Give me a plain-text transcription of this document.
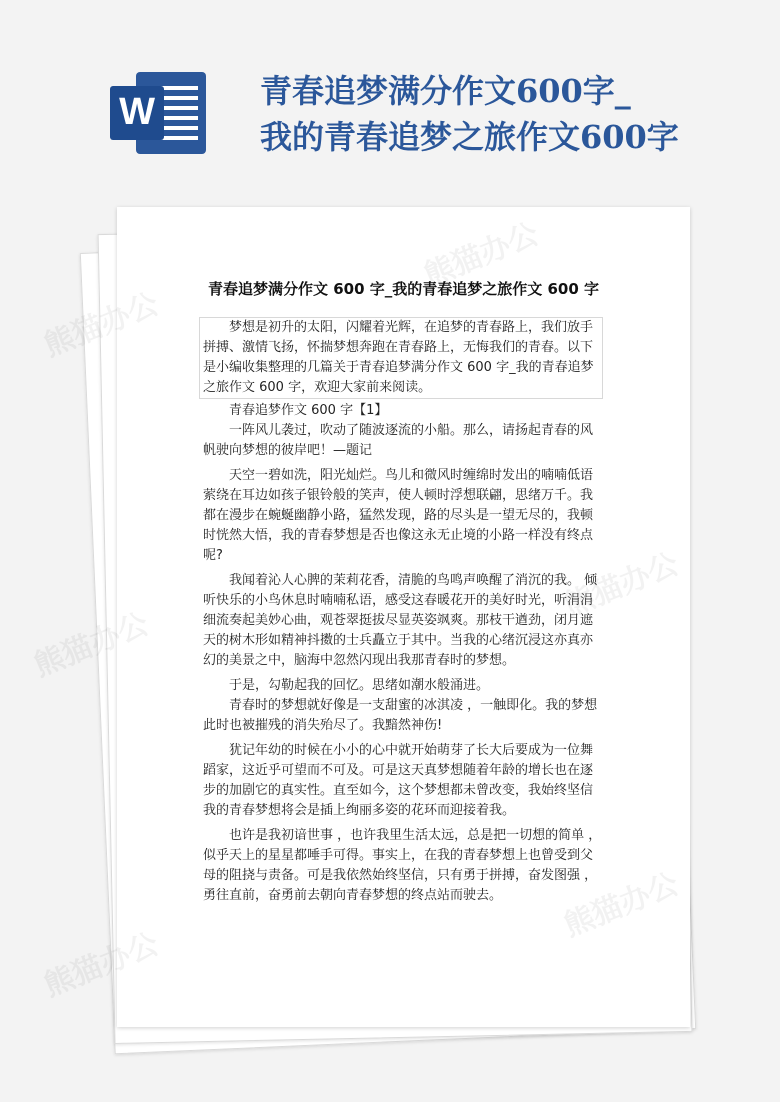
W	青春追梦满分作文600字_
我的青春追梦之旅作文600字
青春追梦满分作文 600 字_我的青春追梦之旅作文 600 字

梦想是初升的太阳，闪耀着光辉，在追梦的青春路上，我们放手拼搏、激情飞扬，怀揣梦想奔跑在青春路上，无悔我们的青春。以下是小编收集整理的几篇关于青春追梦满分作文 600 字_我的青春追梦之旅作文 600 字，欢迎大家前来阅读。

青春追梦作文 600 字【1】

一阵风儿袭过，吹动了随波逐流的小船。那么，请扬起青春的风帆驶向梦想的彼岸吧！—题记

天空一碧如洗，阳光灿烂。鸟儿和微风时缠绵时发出的喃喃低语萦绕在耳边如孩子银铃般的笑声，使人顿时浮想联翩，思绪万千。我都在漫步在蜿蜒幽静小路，猛然发现，路的尽头是一望无尽的，我顿时恍然大悟，我的青春梦想是否也像这永无止境的小路一样没有终点呢?

我闻着沁人心脾的茉莉花香，清脆的鸟鸣声唤醒了消沉的我。 倾听快乐的小鸟休息时喃喃私语，感受这春暖花开的美好时光，听涓涓细流奏起美妙心曲，观苍翠挺拔尽显英姿飒爽。那枝干遒劲，闭月遮天的树木形如精神抖擞的士兵矗立于其中。当我的心绪沉浸这亦真亦幻的美景之中，脑海中忽然闪现出我那青春时的梦想。

于是，勾勒起我的回忆。思绪如潮水般涌进。

青春时的梦想就好像是一支甜蜜的冰淇凌 ，一触即化。我的梦想此时也被摧残的消失殆尽了。我黯然神伤!

犹记年幼的时候在小小的心中就开始萌芽了长大后要成为一位舞蹈家，这近乎可望而不可及。可是这天真梦想随着年龄的增长也在逐步的加剧它的真实性。直至如今，这个梦想都未曾改变，我始终坚信我的青春梦想将会是插上绚丽多姿的花环而迎接着我。

也许是我初谙世事 ，也许我里生活太远，总是把一切想的简单 ，似乎天上的星星都唾手可得。事实上，在我的青春梦想上也曾受到父母的阻挠与责备。可是我依然始终坚信，只有勇于拼搏，奋发图强 ，勇往直前，奋勇前去朝向青春梦想的终点站而驶去。

熊猫办公
熊猫办公
